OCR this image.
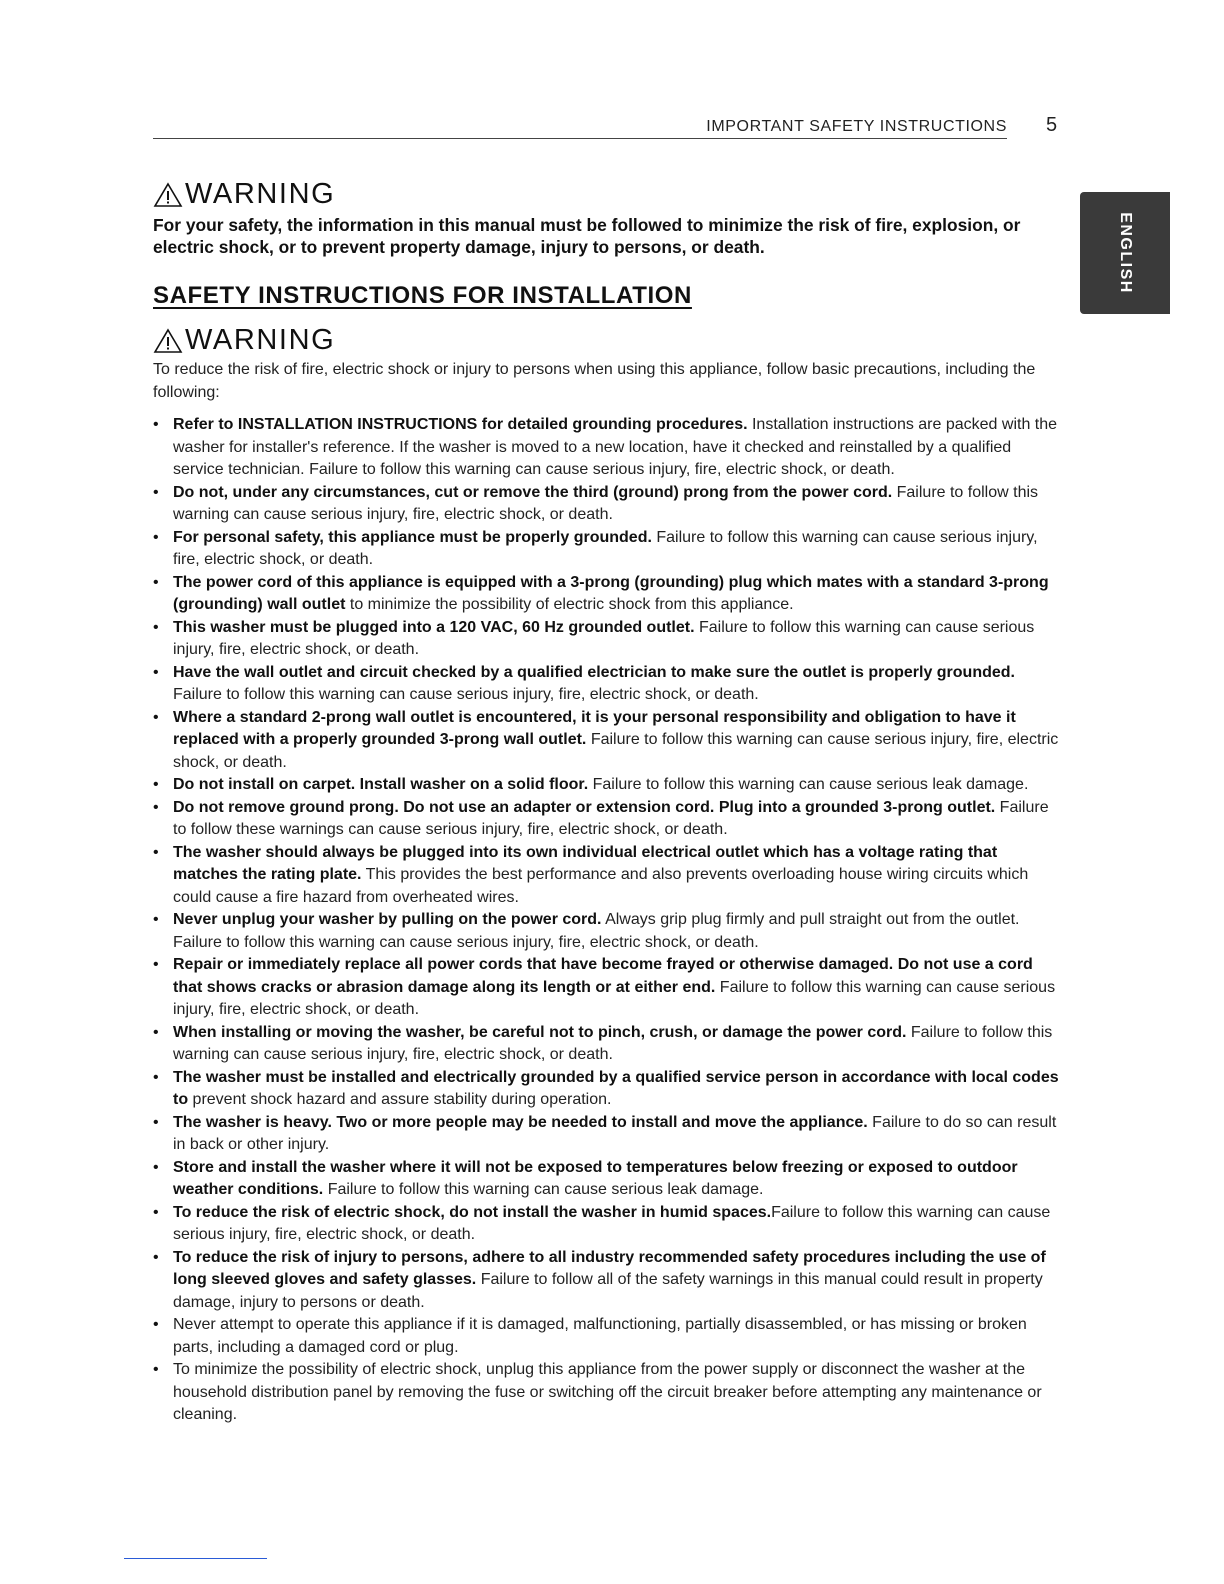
IMPORTANT SAFETY INSTRUCTIONS 5
ENGLISH
WARNING
For your safety, the information in this manual must be followed to minimize the risk of fire, explosion, or electric shock, or to prevent property damage, injury to persons, or death.
SAFETY INSTRUCTIONS FOR INSTALLATION
WARNING
To reduce the risk of fire, electric shock or injury to persons when using this appliance, follow basic precautions, including the following:
• Refer to INSTALLATION INSTRUCTIONS for detailed grounding procedures. Installation instructions are packed with the washer for installer's reference. If the washer is moved to a new location, have it checked and reinstalled by a qualified service technician. Failure to follow this warning can cause serious injury, fire, electric shock, or death.
• Do not, under any circumstances, cut or remove the third (ground) prong from the power cord. Failure to follow this warning can cause serious injury, fire, electric shock, or death.
• For personal safety, this appliance must be properly grounded. Failure to follow this warning can cause serious injury, fire, electric shock, or death.
• The power cord of this appliance is equipped with a 3-prong (grounding) plug which mates with a standard 3-prong (grounding) wall outlet to minimize the possibility of electric shock from this appliance.
• This washer must be plugged into a 120 VAC, 60 Hz grounded outlet. Failure to follow this warning can cause serious injury, fire, electric shock, or death.
• Have the wall outlet and circuit checked by a qualified electrician to make sure the outlet is properly grounded. Failure to follow this warning can cause serious injury, fire, electric shock, or death.
• Where a standard 2-prong wall outlet is encountered, it is your personal responsibility and obligation to have it replaced with a properly grounded 3-prong wall outlet. Failure to follow this warning can cause serious injury, fire, electric shock, or death.
• Do not install on carpet. Install washer on a solid floor. Failure to follow this warning can cause serious leak damage.
• Do not remove ground prong. Do not use an adapter or extension cord. Plug into a grounded 3-prong outlet. Failure to follow these warnings can cause serious injury, fire, electric shock, or death.
• The washer should always be plugged into its own individual electrical outlet which has a voltage rating that matches the rating plate. This provides the best performance and also prevents overloading house wiring circuits which could cause a fire hazard from overheated wires.
• Never unplug your washer by pulling on the power cord. Always grip plug firmly and pull straight out from the outlet. Failure to follow this warning can cause serious injury, fire, electric shock, or death.
• Repair or immediately replace all power cords that have become frayed or otherwise damaged. Do not use a cord that shows cracks or abrasion damage along its length or at either end. Failure to follow this warning can cause serious injury, fire, electric shock, or death.
• When installing or moving the washer, be careful not to pinch, crush, or damage the power cord. Failure to follow this warning can cause serious injury, fire, electric shock, or death.
• The washer must be installed and electrically grounded by a qualified service person in accordance with local codes to prevent shock hazard and assure stability during operation.
• The washer is heavy. Two or more people may be needed to install and move the appliance. Failure to do so can result in back or other injury.
• Store and install the washer where it will not be exposed to temperatures below freezing or exposed to outdoor weather conditions. Failure to follow this warning can cause serious leak damage.
• To reduce the risk of electric shock, do not install the washer in humid spaces.Failure to follow this warning can cause serious injury, fire, electric shock, or death.
• To reduce the risk of injury to persons, adhere to all industry recommended safety procedures including the use of long sleeved gloves and safety glasses. Failure to follow all of the safety warnings in this manual could result in property damage, injury to persons or death.
• Never attempt to operate this appliance if it is damaged, malfunctioning, partially disassembled, or has missing or broken parts, including a damaged cord or plug.
• To minimize the possibility of electric shock, unplug this appliance from the power supply or disconnect the washer at the household distribution panel by removing the fuse or switching off the circuit breaker before attempting any maintenance or cleaning.
